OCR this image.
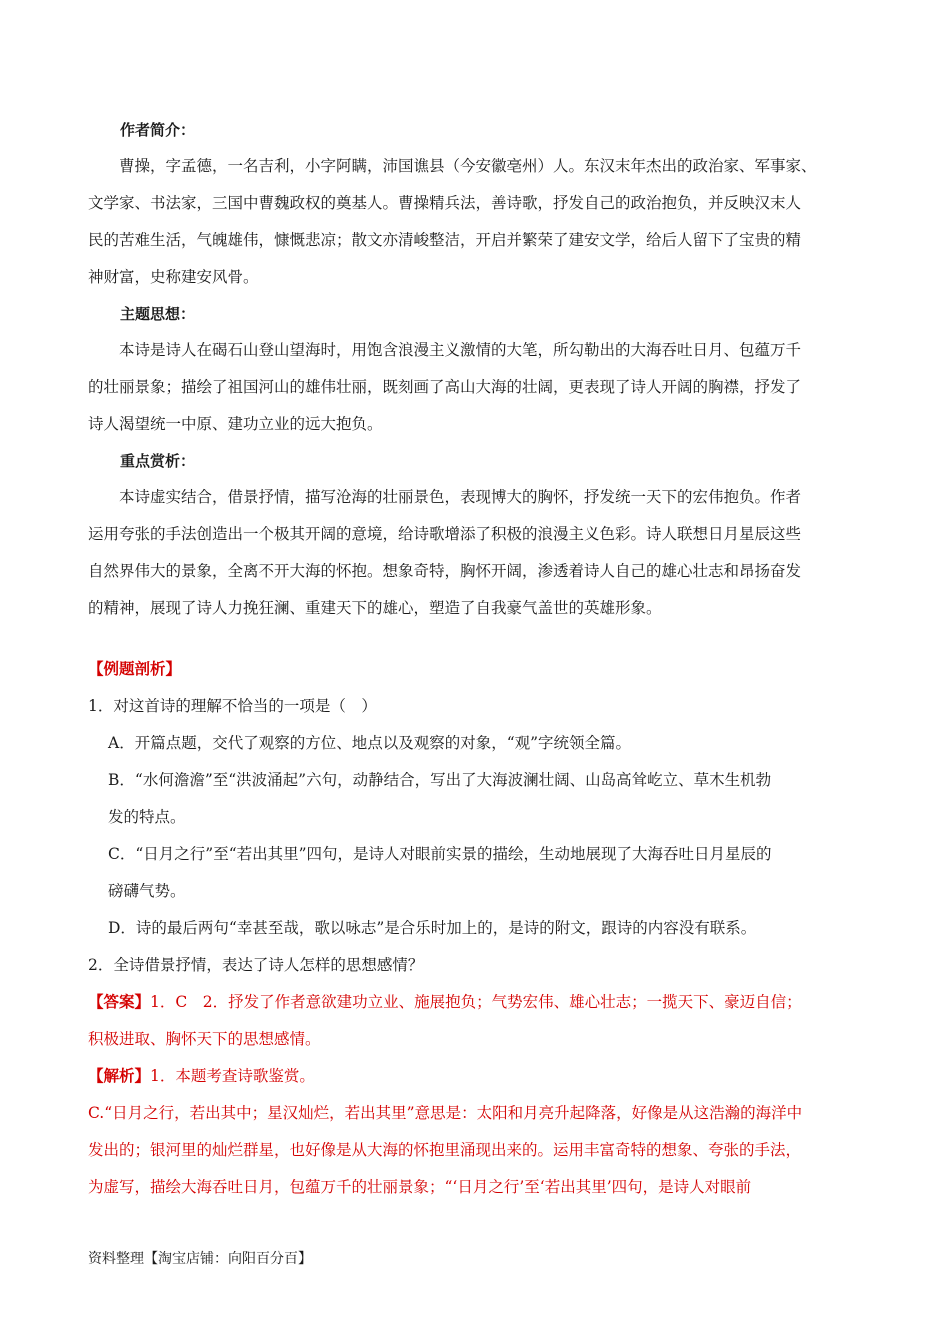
作者简介：
曹操，字孟德，一名吉利，小字阿瞒，沛国谯县（今安徽亳州）人。东汉末年杰出的政治家、军事家、
文学家、书法家，三国中曹魏政权的奠基人。曹操精兵法，善诗歌，抒发自己的政治抱负，并反映汉末人
民的苦难生活，气魄雄伟，慷慨悲凉；散文亦清峻整洁，开启并繁荣了建安文学，给后人留下了宝贵的精
神财富，史称建安风骨。
主题思想：
本诗是诗人在碣石山登山望海时，用饱含浪漫主义激情的大笔，所勾勒出的大海吞吐日月、包蕴万千
的壮丽景象；描绘了祖国河山的雄伟壮丽，既刻画了高山大海的壮阔，更表现了诗人开阔的胸襟，抒发了
诗人渴望统一中原、建功立业的远大抱负。
重点赏析：
本诗虚实结合，借景抒情，描写沧海的壮丽景色，表现博大的胸怀，抒发统一天下的宏伟抱负。作者
运用夸张的手法创造出一个极其开阔的意境，给诗歌增添了积极的浪漫主义色彩。诗人联想日月星辰这些
自然界伟大的景象，全离不开大海的怀抱。想象奇特，胸怀开阔，渗透着诗人自己的雄心壮志和昂扬奋发
的精神，展现了诗人力挽狂澜、重建天下的雄心，塑造了自我豪气盖世的英雄形象。
【例题剖析】
1．对这首诗的理解不恰当的一项是（　）
A．开篇点题，交代了观察的方位、地点以及观察的对象，“观”字统领全篇。
B．“水何澹澹”至“洪波涌起”六句，动静结合，写出了大海波澜壮阔、山岛高耸屹立、草木生机勃
发的特点。
C．“日月之行”至“若出其里”四句，是诗人对眼前实景的描绘，生动地展现了大海吞吐日月星辰的
磅礴气势。
D．诗的最后两句“幸甚至哉，歌以咏志”是合乐时加上的，是诗的附文，跟诗的内容没有联系。
2．全诗借景抒情，表达了诗人怎样的思想感情？
【答案】1．C　2．抒发了作者意欲建功立业、施展抱负；气势宏伟、雄心壮志；一揽天下、豪迈自信；
积极进取、胸怀天下的思想感情。
【解析】1．本题考查诗歌鉴赏。
C.“日月之行，若出其中；星汉灿烂，若出其里”意思是：太阳和月亮升起降落，好像是从这浩瀚的海洋中
发出的；银河里的灿烂群星，也好像是从大海的怀抱里涌现出来的。运用丰富奇特的想象、夸张的手法，
为虚写，描绘大海吞吐日月，包蕴万千的壮丽景象；“‘日月之行’至‘若出其里’四句，是诗人对眼前
资料整理【淘宝店铺：向阳百分百】
